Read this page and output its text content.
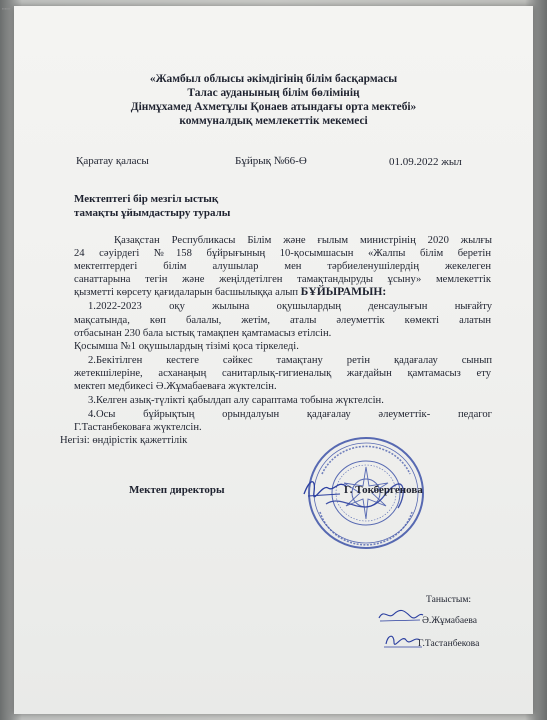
▪▪▪▪▪▪
«Жамбыл облысы әкімдігінің білім басқармасы
Талас ауданының білім бөлімінің
Дінмұхамед Ахметұлы Қонаев атындағы орта мектебі»
коммуналдық мемлекеттік мекемесі
Қаратау қаласы	Бұйрық №66-Ө	01.09.2022 жыл
Мектептегі бір мезгіл ыстық
тамақты ұйымдастыру туралы
Қазақстан Республикасы Білім және ғылым министрінің 2020 жылғы
24 сәуірдегі №158 бұйрығының 10-қосымшасын «Жалпы білім беретін
мектептердегі білім алушылар мен тәрбиеленушілердің жекелеген
санаттарына тегін және жеңілдетілген тамақтандыруды ұсыну» мемлекеттік
қызметті көрсету қағидаларын басшылыққа алып БҰЙЫРАМЫН:
1.2022-2023 оқу жылына оқушылардың денсаулығын нығайту
мақсатында, көп балалы, жетім, аталы әлеуметтік көмекті алатын
отбасынан 230 бала ыстық тамақпен қамтамасыз етілсін.
Қосымша №1 оқушылардың тізімі қоса тіркеледі.
2.Бекітілген кестеге сәйкес тамақтану ретін қадағалау сынып
жетекшілеріне, асханаңың санитарлық-гигиеналық жағдайын қамтамасыз ету
мектеп медбикесі Ә.Жұмабаевағa жүктелсін.
3.Келген азық-түлікті қабылдап алу сараптама тобына жүктелсін.
4.Осы бұйрықтың орындалуын қадағалау әлеуметтік- педагог
Г.Тастанбековаға жүктелсін.
Негізі: өндірістік қажеттілік
Мектеп директоры	Г. Токбергенова
Таныстым:
Ә.Жұмабаева
Г.Тастанбекова
